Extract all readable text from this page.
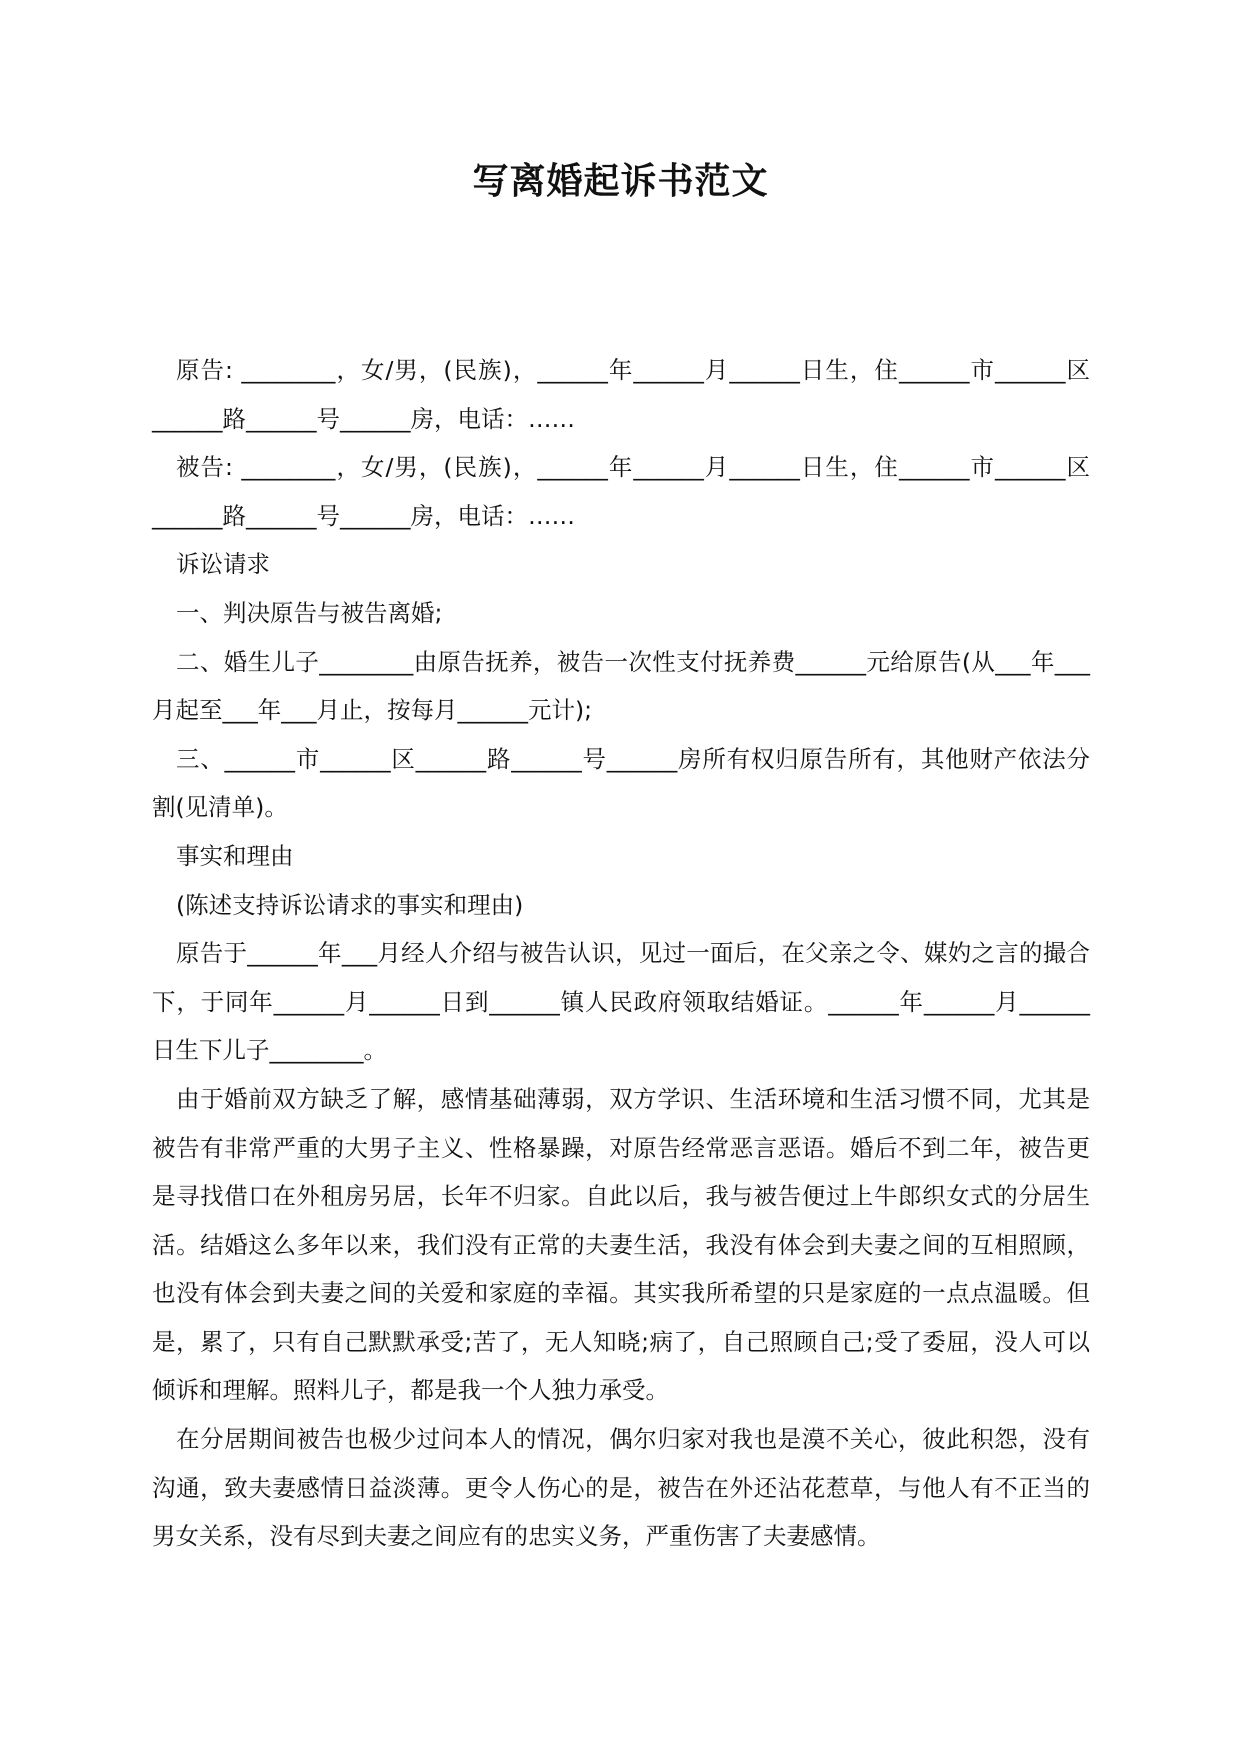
写离婚起诉书范文

原告: ________，女/男，(民族)，______年______月______日生，住______市______区______路______号______房，电话：……

被告: ________，女/男，(民族)，______年______月______日生，住______市______区______路______号______房，电话：……

诉讼请求

一、判决原告与被告离婚;

二、婚生儿子________由原告抚养，被告一次性支付抚养费______元给原告(从___年___月起至___年___月止，按每月______元计);

三、______市______区______路______号______房所有权归原告所有，其他财产依法分割(见清单)。

事实和理由

(陈述支持诉讼请求的事实和理由)

原告于______年___月经人介绍与被告认识，见过一面后，在父亲之令、媒妁之言的撮合下，于同年______月______日到______镇人民政府领取结婚证。______年______月______日生下儿子________。

由于婚前双方缺乏了解，感情基础薄弱，双方学识、生活环境和生活习惯不同，尤其是被告有非常严重的大男子主义、性格暴躁，对原告经常恶言恶语。婚后不到二年，被告更是寻找借口在外租房另居，长年不归家。自此以后，我与被告便过上牛郎织女式的分居生活。结婚这么多年以来，我们没有正常的夫妻生活，我没有体会到夫妻之间的互相照顾，也没有体会到夫妻之间的关爱和家庭的幸福。其实我所希望的只是家庭的一点点温暖。但是，累了，只有自己默默承受;苦了，无人知晓;病了，自己照顾自己;受了委屈，没人可以倾诉和理解。照料儿子，都是我一个人独力承受。

在分居期间被告也极少过问本人的情况，偶尔归家对我也是漠不关心，彼此积怨，没有沟通，致夫妻感情日益淡薄。更令人伤心的是，被告在外还沾花惹草，与他人有不正当的男女关系，没有尽到夫妻之间应有的忠实义务，严重伤害了夫妻感情。
